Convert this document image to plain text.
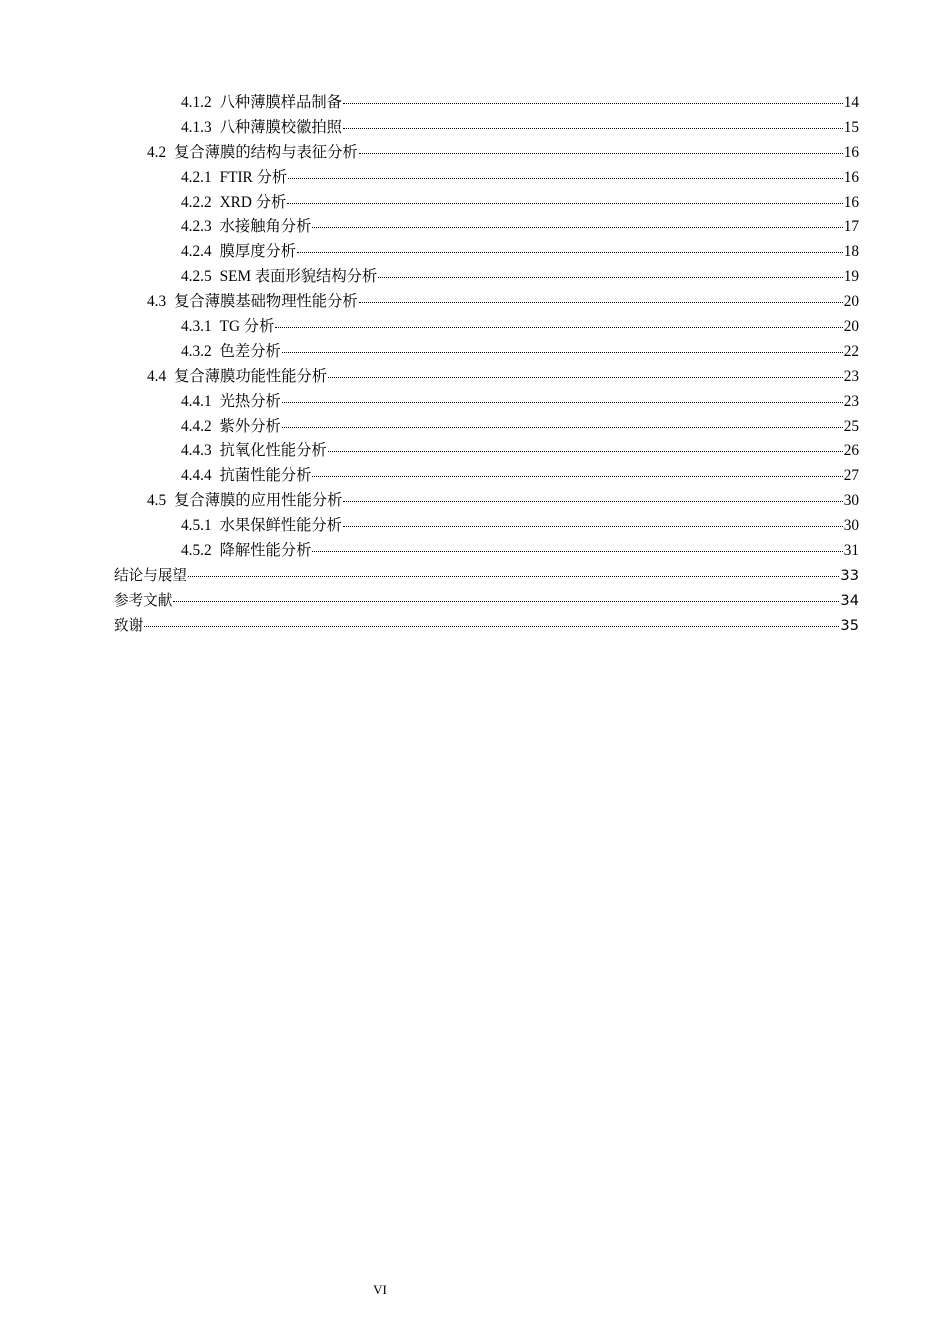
4.1.2 八种薄膜样品制备	14
4.1.3 八种薄膜校徽拍照	15
4.2 复合薄膜的结构与表征分析	16
4.2.1 FTIR 分析	16
4.2.2 XRD 分析	16
4.2.3 水接触角分析	17
4.2.4 膜厚度分析	18
4.2.5 SEM 表面形貌结构分析	19
4.3 复合薄膜基础物理性能分析	20
4.3.1 TG 分析	20
4.3.2 色差分析	22
4.4 复合薄膜功能性能分析	23
4.4.1 光热分析	23
4.4.2 紫外分析	25
4.4.3 抗氧化性能分析	26
4.4.4 抗菌性能分析	27
4.5 复合薄膜的应用性能分析	30
4.5.1 水果保鲜性能分析	30
4.5.2 降解性能分析	31
结论与展望	33
参考文献	34
致谢	35
VI
